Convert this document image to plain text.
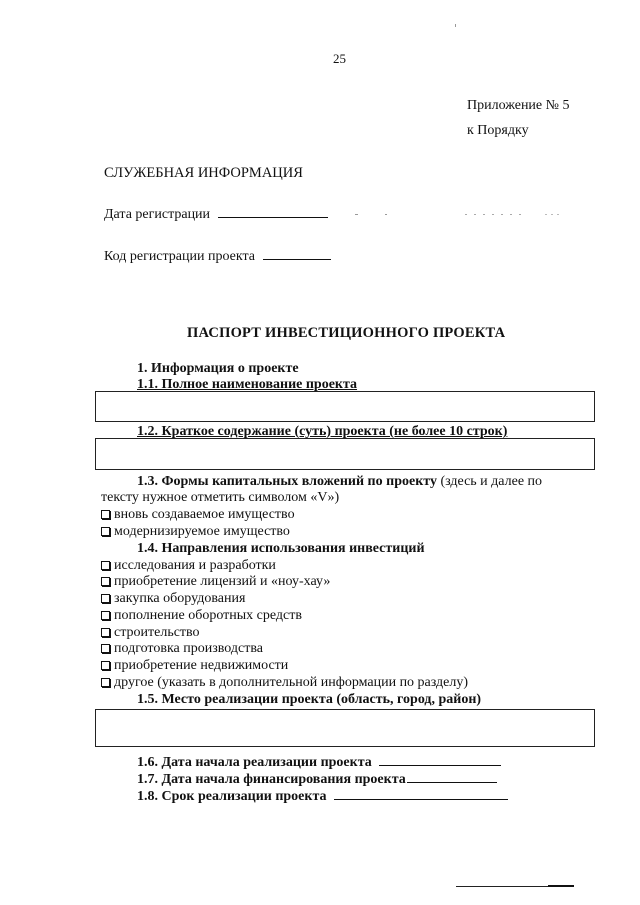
25
Приложение № 5
к Порядку
СЛУЖЕБНАЯ ИНФОРМАЦИЯ
Дата регистрации
Код регистрации проекта
ПАСПОРТ ИНВЕСТИЦИОННОГО ПРОЕКТА
1. Информация о проекте
1.1. Полное наименование проекта
1.2. Краткое содержание (суть) проекта (не более 10 строк)
1.3. Формы капитальных вложений по проекту (здесь и далее по
тексту нужное отметить символом «V»)
вновь создаваемое имущество
модернизируемое имущество
1.4. Направления использования инвестиций
исследования и разработки
приобретение лицензий и «ноу-хау»
закупка оборудования
пополнение оборотных средств
строительство
подготовка производства
приобретение недвижимости
другое (указать в дополнительной информации по разделу)
1.5. Место реализации проекта (область, город, район)
1.6. Дата начала реализации проекта
1.7. Дата начала финансирования проекта
1.8. Срок реализации проекта
